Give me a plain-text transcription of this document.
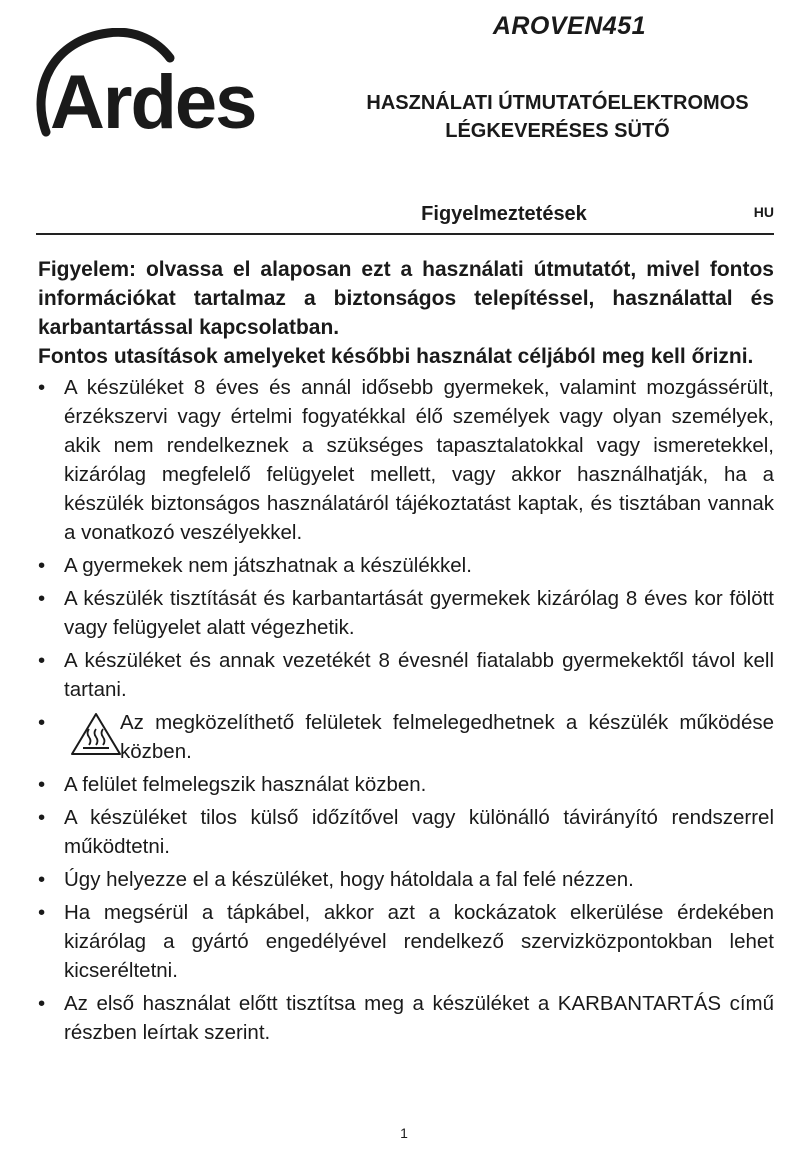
Ardes
AROVEN451
HASZNÁLATI ÚTMUTATÓELEKTROMOS
LÉGKEVERÉSES SÜTŐ
Figyelmeztetések	HU

Figyelem: olvassa el alaposan ezt a használati útmutatót, mivel fontos információkat tartalmaz a biztonságos telepítéssel, használattal és karbantartással kapcsolatban.

Fontos utasítások amelyeket későbbi használat céljából meg kell őrizni.

• A készüléket 8 éves és annál idősebb gyermekek, valamint mozgássérült, érzékszervi vagy értelmi fogyatékkal élő személyek vagy olyan személyek, akik nem rendelkeznek a szükséges tapasztalatokkal vagy ismeretekkel, kizárólag megfelelő felügyelet mellett, vagy akkor használhatják, ha a készülék biztonságos használatáról tájékoztatást kaptak, és tisztában vannak a vonatkozó veszélyekkel.
• A gyermekek nem játszhatnak a készülékkel.
• A készülék tisztítását és karbantartását gyermekek kizárólag 8 éves kor fölött vagy felügyelet alatt végezhetik.
• A készüléket és annak vezetékét 8 évesnél fiatalabb gyermekektől távol kell tartani.
•	Az megközelíthető felületek felmelegedhetnek a készülék működése közben.
• A felület felmelegszik használat közben.
• A készüléket tilos külső időzítővel vagy különálló távirányító rendszerrel működtetni.
• Úgy helyezze el a készüléket, hogy hátoldala a fal felé nézzen.
• Ha megsérül a tápkábel, akkor azt a kockázatok elkerülése érdekében kizárólag a gyártó engedélyével rendelkező szervizközpontokban lehet kicseréltetni.
• Az első használat előtt tisztítsa meg a készüléket a KARBANTARTÁS című részben leírtak szerint.
1
